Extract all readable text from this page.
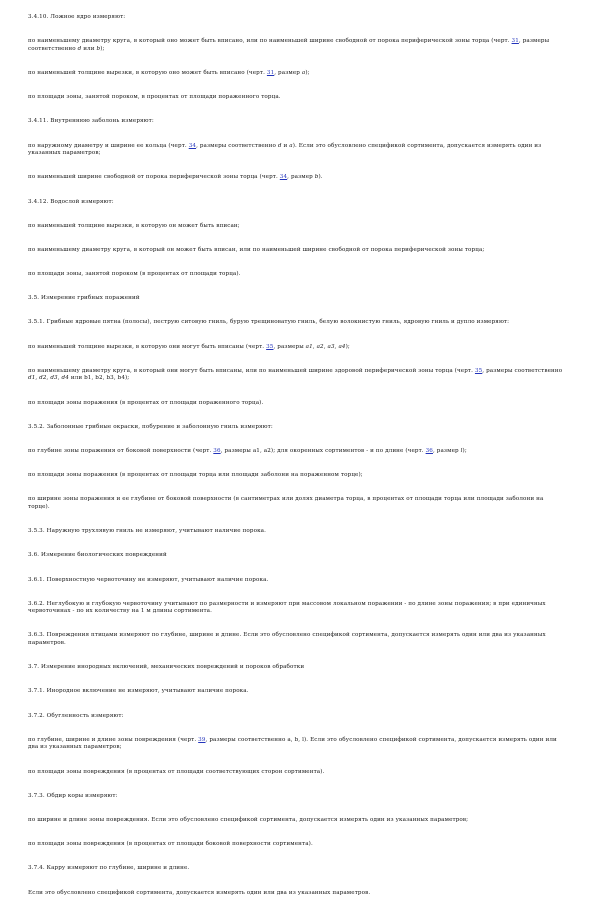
3.4.10. Ложное ядро измеряют:

по наименьшему диаметру круга, в который оно может быть вписано, или по наименьшей ширине свободной от порока периферической зоны торца (черт. 31, размеры соответственно d или b);

по наименьшей толщине вырезки, в которую оно может быть вписано (черт. 31, размер a);

по площади зоны, занятой пороком, в процентах от площади пораженного торца.

3.4.11. Внутреннюю заболонь измеряют:

по наружному диаметру и ширине ее кольца (черт. 34, размеры соответственно d и a). Если это обусловлено спецификой сортимента, допускается измерять один из указанных параметров;

по наименьшей ширине свободной от порока периферической зоны торца (черт. 34, размер b).

3.4.12. Водослой измеряют:

по наименьшей толщине вырезки, в которую он может быть вписан;

по наименьшему диаметру круга, в который он может быть вписан, или по наименьшей ширине свободной от порока периферической зоны торца;

по площади зоны, занятой пороком (в процентах от площади торца).

3.5. Измерение грибных поражений

3.5.1. Грибные ядровые пятна (полосы), пеструю ситовую гниль, бурую трещиноватую гниль, белую волокнистую гниль, ядровую гниль и дупло измеряют:

по наименьшей толщине вырезки, в которую они могут быть вписаны (черт. 35, размеры a1, a2, a3, a4);

по наименьшему диаметру круга, в который они могут быть вписаны, или по наименьшей ширине здоровой периферической зоны торца (черт. 35, размеры соответственно d1, d2, d3, d4 или b1, b2, b3, b4);

по площади зоны поражения (в процентах от площади пораженного торца).

3.5.2. Заболонные грибные окраски, побурение и заболонную гниль измеряют:

по глубине зоны поражения от боковой поверхности (черт. 36, размеры a1, a2); для окоренных сортиментов - и по длине (черт. 36, размер l);

по площади зоны поражения (в процентах от площади торца или площади заболони на пораженном торце);

по ширине зоны поражения и ее глубине от боковой поверхности (в сантиметрах или долях диаметра торца, в процентах от площади торца или площади заболони на торце).

3.5.3. Наружную трухлявую гниль не измеряют, учитывают наличие порока.

3.6. Измерение биологических повреждений

3.6.1. Поверхностную червоточину не измеряют, учитывают наличие порока.

3.6.2. Неглубокую и глубокую червоточину учитывают по размерности и измеряют при массовом локальном поражении - по длине зоны поражения; в при единичных червоточинах - по их количеству на 1 м длины сортимента.

3.6.3. Повреждения птицами измеряют по глубине, ширине и длине. Если это обусловлено спецификой сортимента, допускается измерять один или два из указанных параметров.

3.7. Измерение инородных включений, механических повреждений и пороков обработки

3.7.1. Инородное включение не измеряют, учитывают наличие порока.

3.7.2. Обугленность измеряют:

по глубине, ширине и длине зоны повреждения (черт. 39, размеры соответственно a, b, l). Если это обусловлено спецификой сортимента, допускается измерять один или два из указанных параметров;

по площади зоны повреждения (в процентах от площади соответствующих сторон сортимента).

3.7.3. Обдир коры измеряют:

по ширине и длине зоны повреждения. Если это обусловлено спецификой сортимента, допускается измерять один из указанных параметров;

по площади зоны повреждения (в процентах от площади боковой поверхности сортимента).

3.7.4. Карру измеряют по глубине, ширине и длине.

Если это обусловлено спецификой сортимента, допускается измерять один или два из указанных параметров.
